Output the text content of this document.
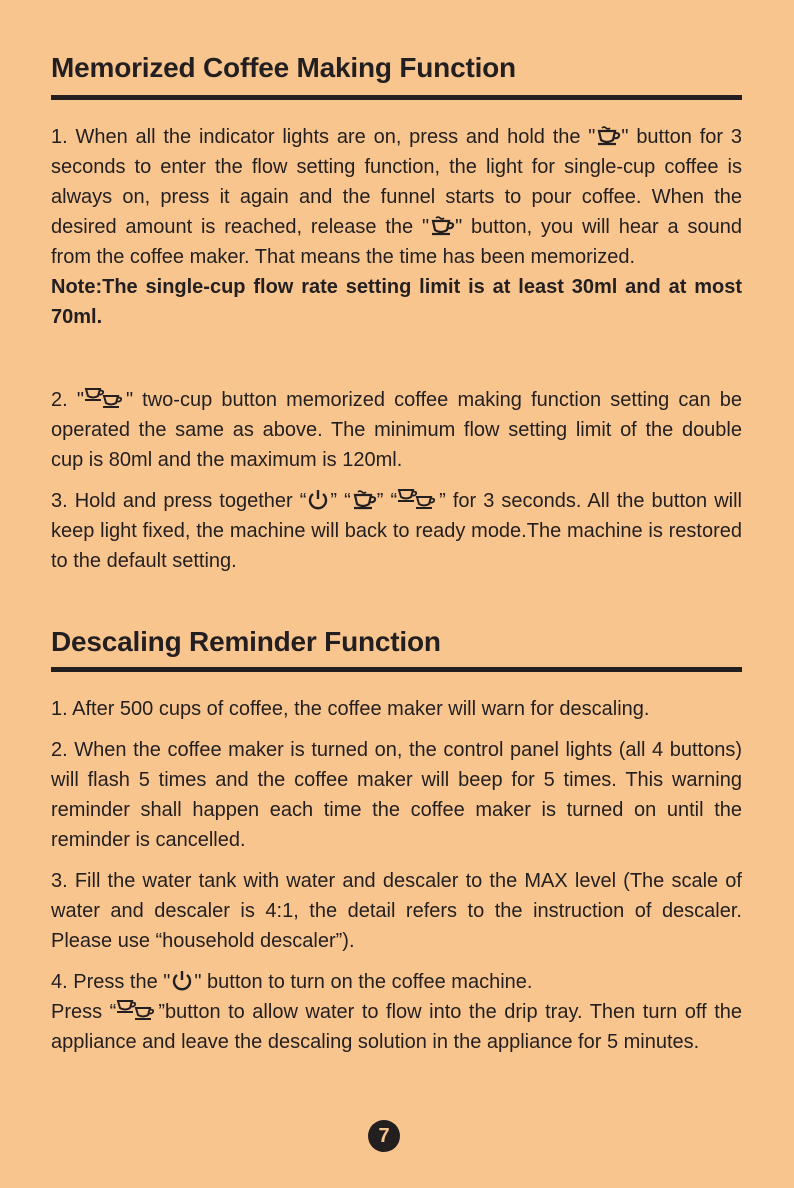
Memorized Coffee Making Function

1. When all the indicator lights are on, press and hold the " " button for 3 seconds to enter the flow setting function, the light for single-cup coffee is always on, press it again and the funnel starts to pour coffee. When the desired amount is reached, release the " " button, you will hear a sound from the coffee maker. That means the time has been memorized.
Note:The single-cup flow rate setting limit is at least 30ml and at most 70ml.

2. " " two-cup button memorized coffee making function setting can be operated the same as above. The minimum flow setting limit of the double cup is 80ml and the maximum is 120ml.

3. Hold and press together “ ” “ ” “ ” for 3 seconds. All the button will keep light fixed, the machine will back to ready mode.The machine is restored to the default setting.

Descaling Reminder Function

1. After 500 cups of coffee, the coffee maker will warn for descaling.

2. When the coffee maker is turned on, the control panel lights (all 4 buttons) will flash 5 times and the coffee maker will beep for 5 times. This warning reminder shall happen each time the coffee maker is turned on until the reminder is cancelled.

3. Fill the water tank with water and descaler to the MAX level (The scale of water and descaler is 4:1, the detail refers to the instruction of descaler. Please use “household descaler”).

4. Press the " " button to turn on the coffee machine.
Press “ ”button to allow water to flow into the drip tray. Then turn off the appliance and leave the descaling solution in the appliance for 5 minutes.

7
